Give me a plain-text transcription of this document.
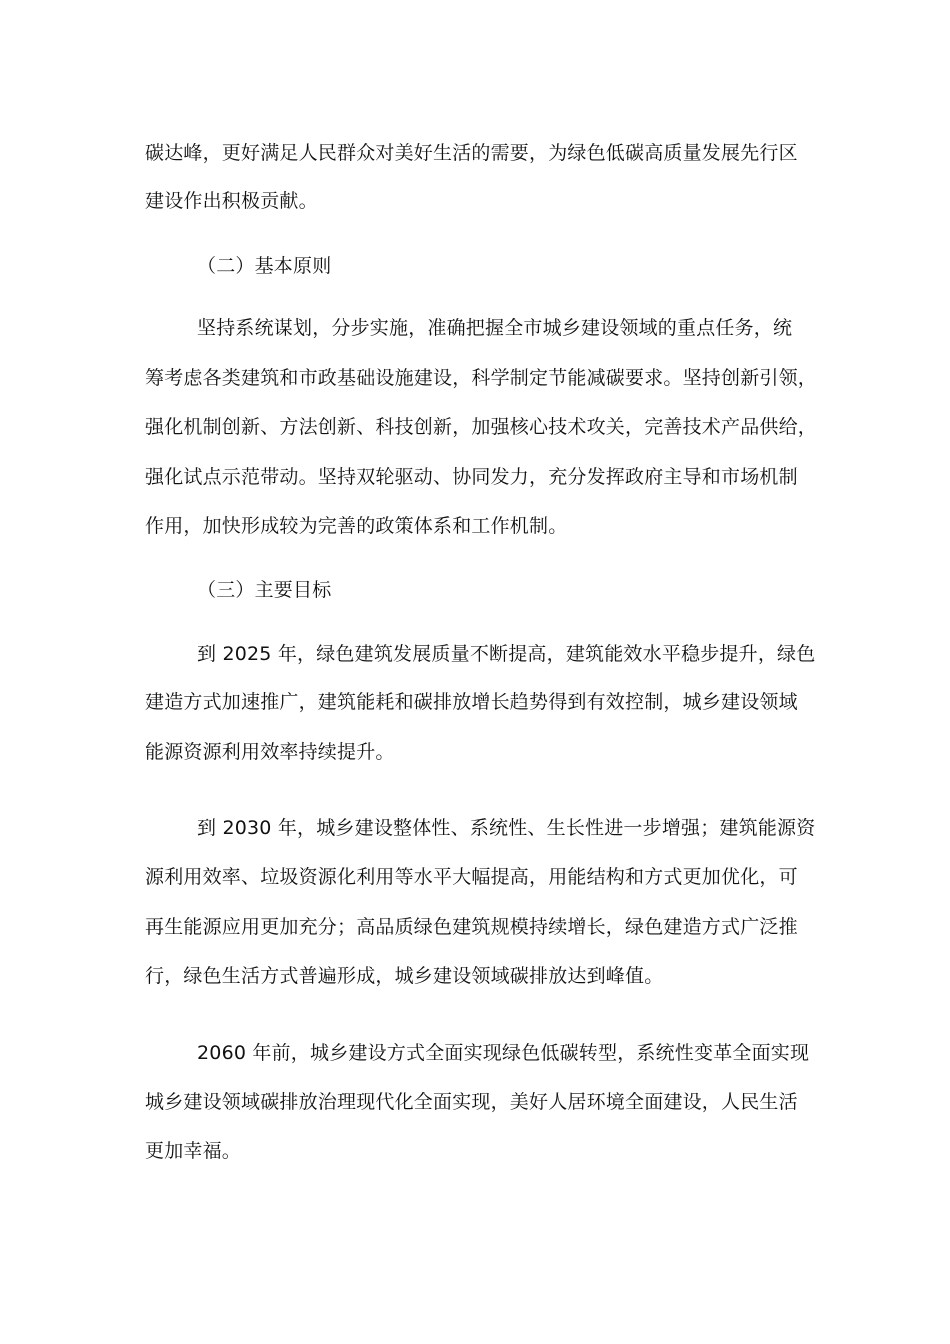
碳达峰，更好满足人民群众对美好生活的需要，为绿色低碳高质量发展先行区
建设作出积极贡献。
（二）基本原则
坚持系统谋划，分步实施，准确把握全市城乡建设领域的重点任务，统
筹考虑各类建筑和市政基础设施建设，科学制定节能减碳要求。坚持创新引领，
强化机制创新、方法创新、科技创新，加强核心技术攻关，完善技术产品供给，
强化试点示范带动。坚持双轮驱动、协同发力，充分发挥政府主导和市场机制
作用，加快形成较为完善的政策体系和工作机制。
（三）主要目标
到 2025 年，绿色建筑发展质量不断提高，建筑能效水平稳步提升，绿色
建造方式加速推广，建筑能耗和碳排放增长趋势得到有效控制，城乡建设领域
能源资源利用效率持续提升。
到 2030 年，城乡建设整体性、系统性、生长性进一步增强；建筑能源资
源利用效率、垃圾资源化利用等水平大幅提高，用能结构和方式更加优化，可
再生能源应用更加充分；高品质绿色建筑规模持续增长，绿色建造方式广泛推
行，绿色生活方式普遍形成，城乡建设领域碳排放达到峰值。
2060 年前，城乡建设方式全面实现绿色低碳转型，系统性变革全面实现
城乡建设领域碳排放治理现代化全面实现，美好人居环境全面建设，人民生活
更加幸福。
